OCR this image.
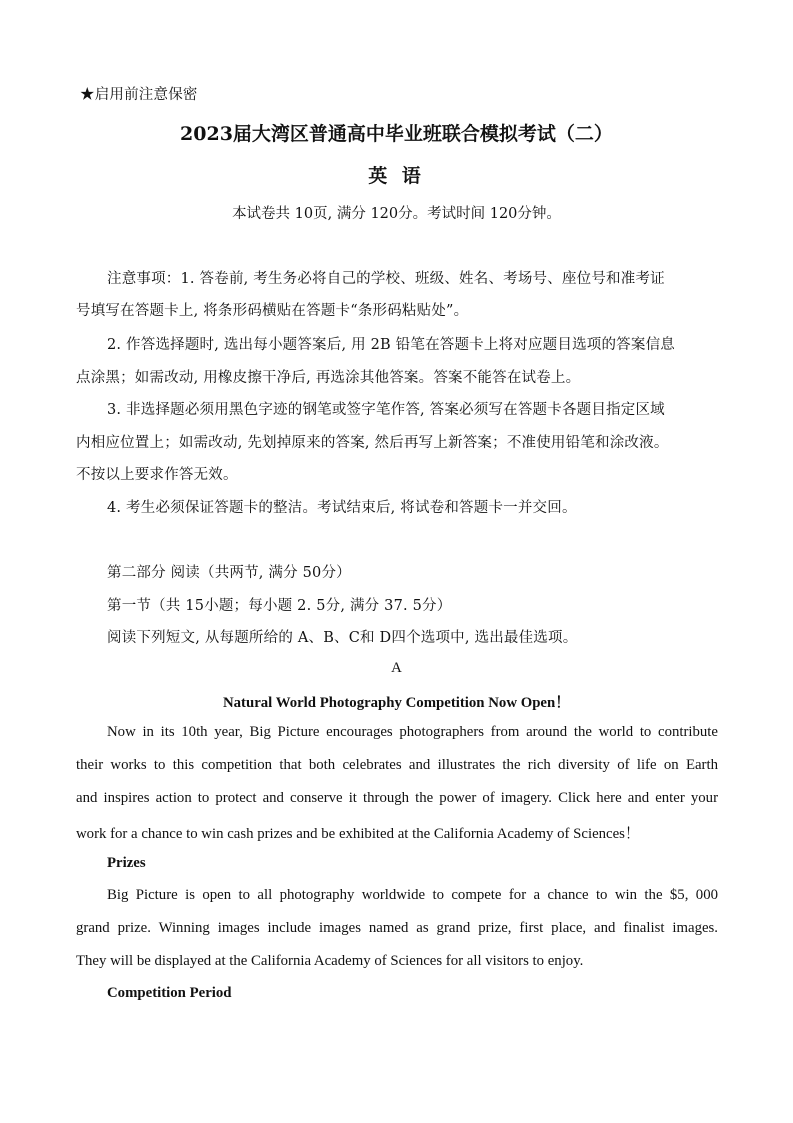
★启用前注意保密
2023届大湾区普通高中毕业班联合模拟考试（二）
英 语
本试卷共 10页, 满分 120分。考试时间 120分钟。
注意事项：1. 答卷前, 考生务必将自己的学校、班级、姓名、考场号、座位号和准考证
号填写在答题卡上, 将条形码横贴在答题卡“条形码粘贴处”。
2. 作答选择题时, 选出每小题答案后, 用 2B 铅笔在答题卡上将对应题目选项的答案信息
点涂黑；如需改动, 用橡皮擦干净后, 再选涂其他答案。答案不能答在试卷上。
3. 非选择题必须用黑色字迹的钢笔或签字笔作答, 答案必须写在答题卡各题目指定区域
内相应位置上；如需改动, 先划掉原来的答案, 然后再写上新答案；不准使用铅笔和涂改液。
不按以上要求作答无效。
4. 考生必须保证答题卡的整洁。考试结束后, 将试卷和答题卡一并交回。
第二部分 阅读（共两节, 满分 50分）
第一节（共 15小题；每小题 2. 5分, 满分 37. 5分）
阅读下列短文, 从每题所给的 A、B、C和 D四个选项中, 选出最佳选项。
A
Natural World Photography Competition Now Open！
Now in its 10th year, Big Picture encourages photographers from around the world to contribute
their works to this competition that both celebrates and illustrates the rich diversity of life on Earth
and inspires action to protect and conserve it through the power of imagery. Click here and enter your
work for a chance to win cash prizes and be exhibited at the California Academy of Sciences！
Prizes
Big Picture is open to all photography worldwide to compete for a chance to win the $5, 000
grand prize. Winning images include images named as grand prize, first place, and finalist images.
They will be displayed at the California Academy of Sciences for all visitors to enjoy.
Competition Period
